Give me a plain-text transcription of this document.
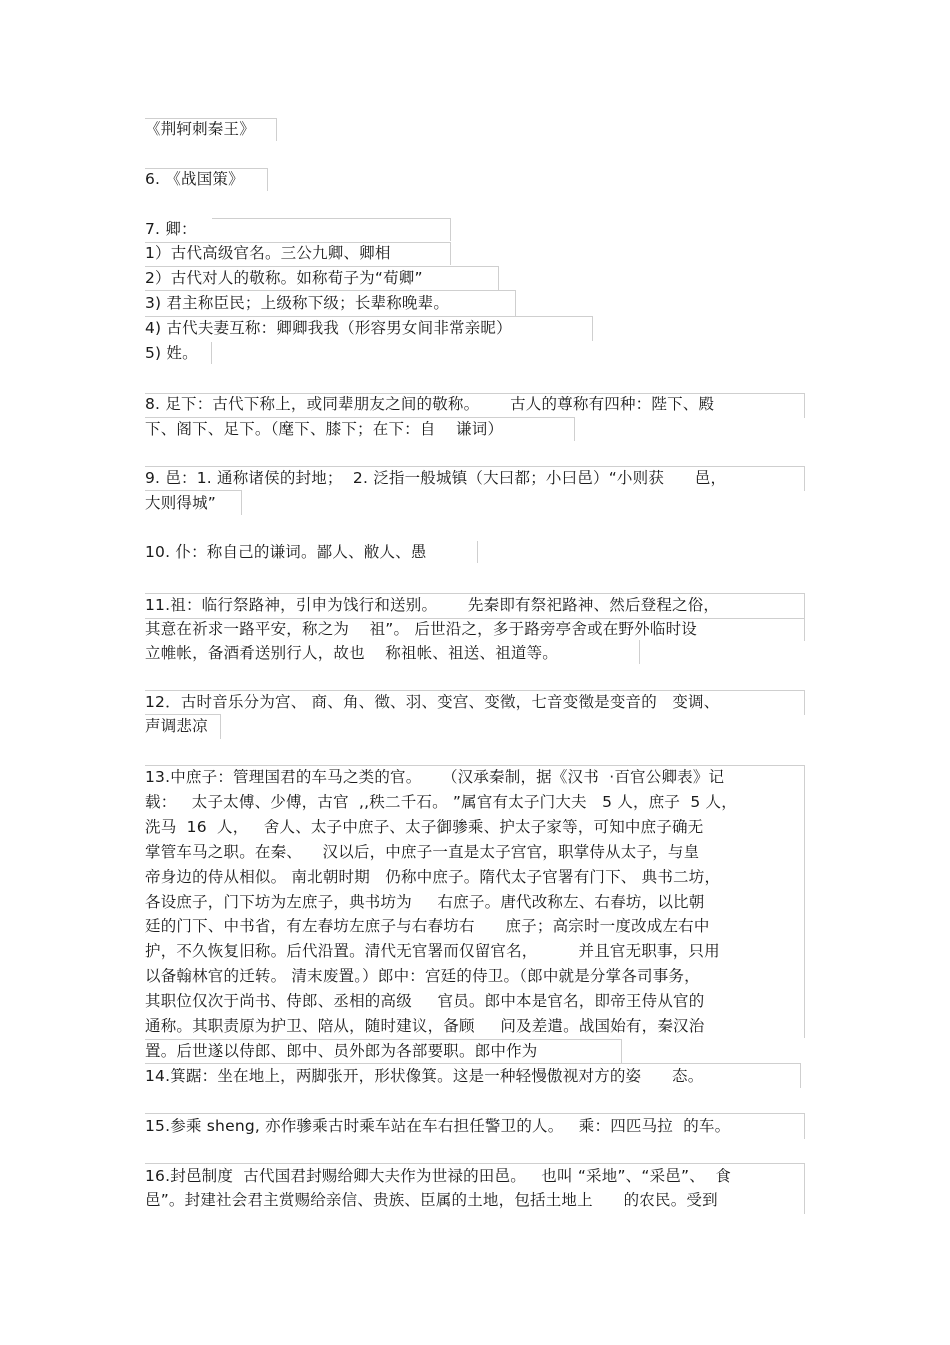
《荆轲刺秦王》
6. 《战国策》
7. 卿：
1）古代高级官名。三公九卿、卿相
2）古代对人的敬称。如称荀子为“荀卿”
3) 君主称臣民；上级称下级；长辈称晚辈。
4) 古代夫妻互称：卿卿我我（形容男女间非常亲昵）
5) 姓。
8. 足下：古代下称上，或同辈朋友之间的敬称。      古人的尊称有四种：陛下、殿
下、阁下、足下。（麾下、膝下；在下：自    谦词）
9. 邑：1. 通称诸侯的封地；  2. 泛指一般城镇（大曰都；小曰邑）“小则获      邑，
大则得城”
10. 仆：称自己的谦词。鄙人、敝人、愚
11.祖：临行祭路神，引申为饯行和送别。      先秦即有祭祀路神、然后登程之俗，
其意在祈求一路平安，称之为    祖”。 后世沿之，多于路旁亭舍或在野外临时设
立帷帐，备酒肴送别行人，故也    称祖帐、祖送、祖道等。
12．古时音乐分为宫、 商、角、徵、羽、变宫、变徵，七音变徵是变音的   变调、
声调悲凉
13.中庶子：管理国君的车马之类的官。    （汉承秦制，据《汉书  ·百官公卿表》记
载：   太子太傅、少傅，古官  ,,秩二千石。 ”属官有太子门大夫   5 人，庶子  5 人，
洗马  16  人，   舍人、太子中庶子、太子御骖乘、护太子家等，可知中庶子确无
掌管车马之职。在秦、    汉以后，中庶子一直是太子宫官，职掌侍从太子，与皇
帝身边的侍从相似。 南北朝时期   仍称中庶子。隋代太子官署有门下、 典书二坊，
各设庶子，门下坊为左庶子，典书坊为     右庶子。唐代改称左、右春坊，以比朝
廷的门下、中书省，有左春坊左庶子与右春坊右      庶子；高宗时一度改成左右中
护，不久恢复旧称。后代沿置。清代无官署而仅留官名，        并且官无职事，只用
以备翰林官的迁转。 清末废置。）郎中：宫廷的侍卫。（郎中就是分掌各司事务，
其职位仅次于尚书、侍郎、丞相的高级     官员。郎中本是官名，即帝王侍从官的
通称。其职责原为护卫、陪从，随时建议，备顾     问及差遣。战国始有，秦汉治
置。后世遂以侍郎、郎中、员外郎为各部要职。郎中作为
14.箕踞：坐在地上，两脚张开，形状像箕。这是一种轻慢傲视对方的姿      态。
15.参乘 sheng, 亦作骖乘古时乘车站在车右担任警卫的人。   乘：四匹马拉  的车。
16.封邑制度  古代国君封赐给卿大夫作为世禄的田邑。   也叫 “采地”、“采邑”、  食
邑”。封建社会君主赏赐给亲信、贵族、臣属的土地，包括土地上      的农民。受到
